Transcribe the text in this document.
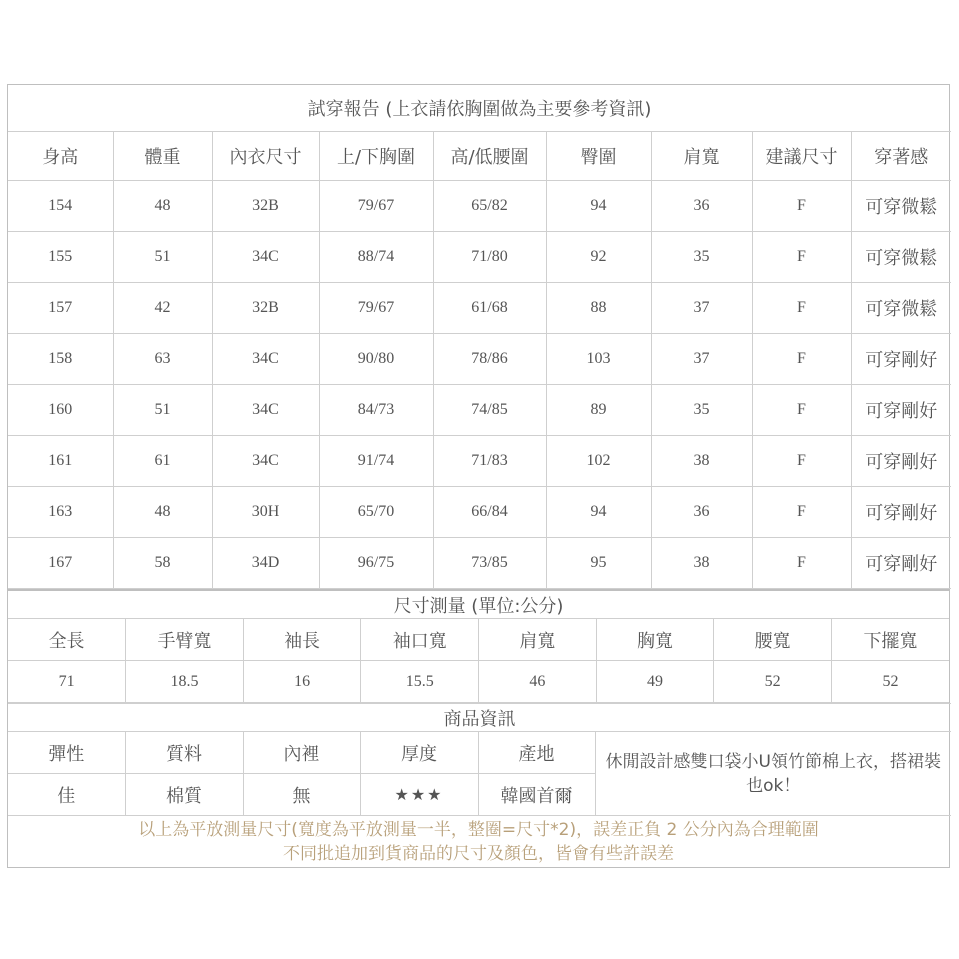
試穿報告 (上衣請依胸圍做為主要參考資訊)								
身高	體重	內衣尺寸	上/下胸圍	高/低腰圍	臀圍	肩寬	建議尺寸	穿著感
154	48	32B	79/67	65/82	94	36	F	可穿微鬆
155	51	34C	88/74	71/80	92	35	F	可穿微鬆
157	42	32B	79/67	61/68	88	37	F	可穿微鬆
158	63	34C	90/80	78/86	103	37	F	可穿剛好
160	51	34C	84/73	74/85	89	35	F	可穿剛好
161	61	34C	91/74	71/83	102	38	F	可穿剛好
163	48	30H	65/70	66/84	94	36	F	可穿剛好
167	58	34D	96/75	73/85	95	38	F	可穿剛好
尺寸測量 (單位:公分)							
全長	手臂寬	袖長	袖口寬	肩寬	胸寬	腰寬	下擺寬
71	18.5	16	15.5	46	49	52	52
商品資訊					
彈性	質料	內裡	厚度	產地	休閒設計感雙口袋小U領竹節棉上衣，搭裙裝也ok！
佳	棉質	無	★★★	韓國首爾	
以上為平放測量尺寸(寬度為平放測量一半，整圈=尺寸*2)，誤差正負 2 公分內為合理範圍
不同批追加到貨商品的尺寸及顏色，皆會有些許誤差
